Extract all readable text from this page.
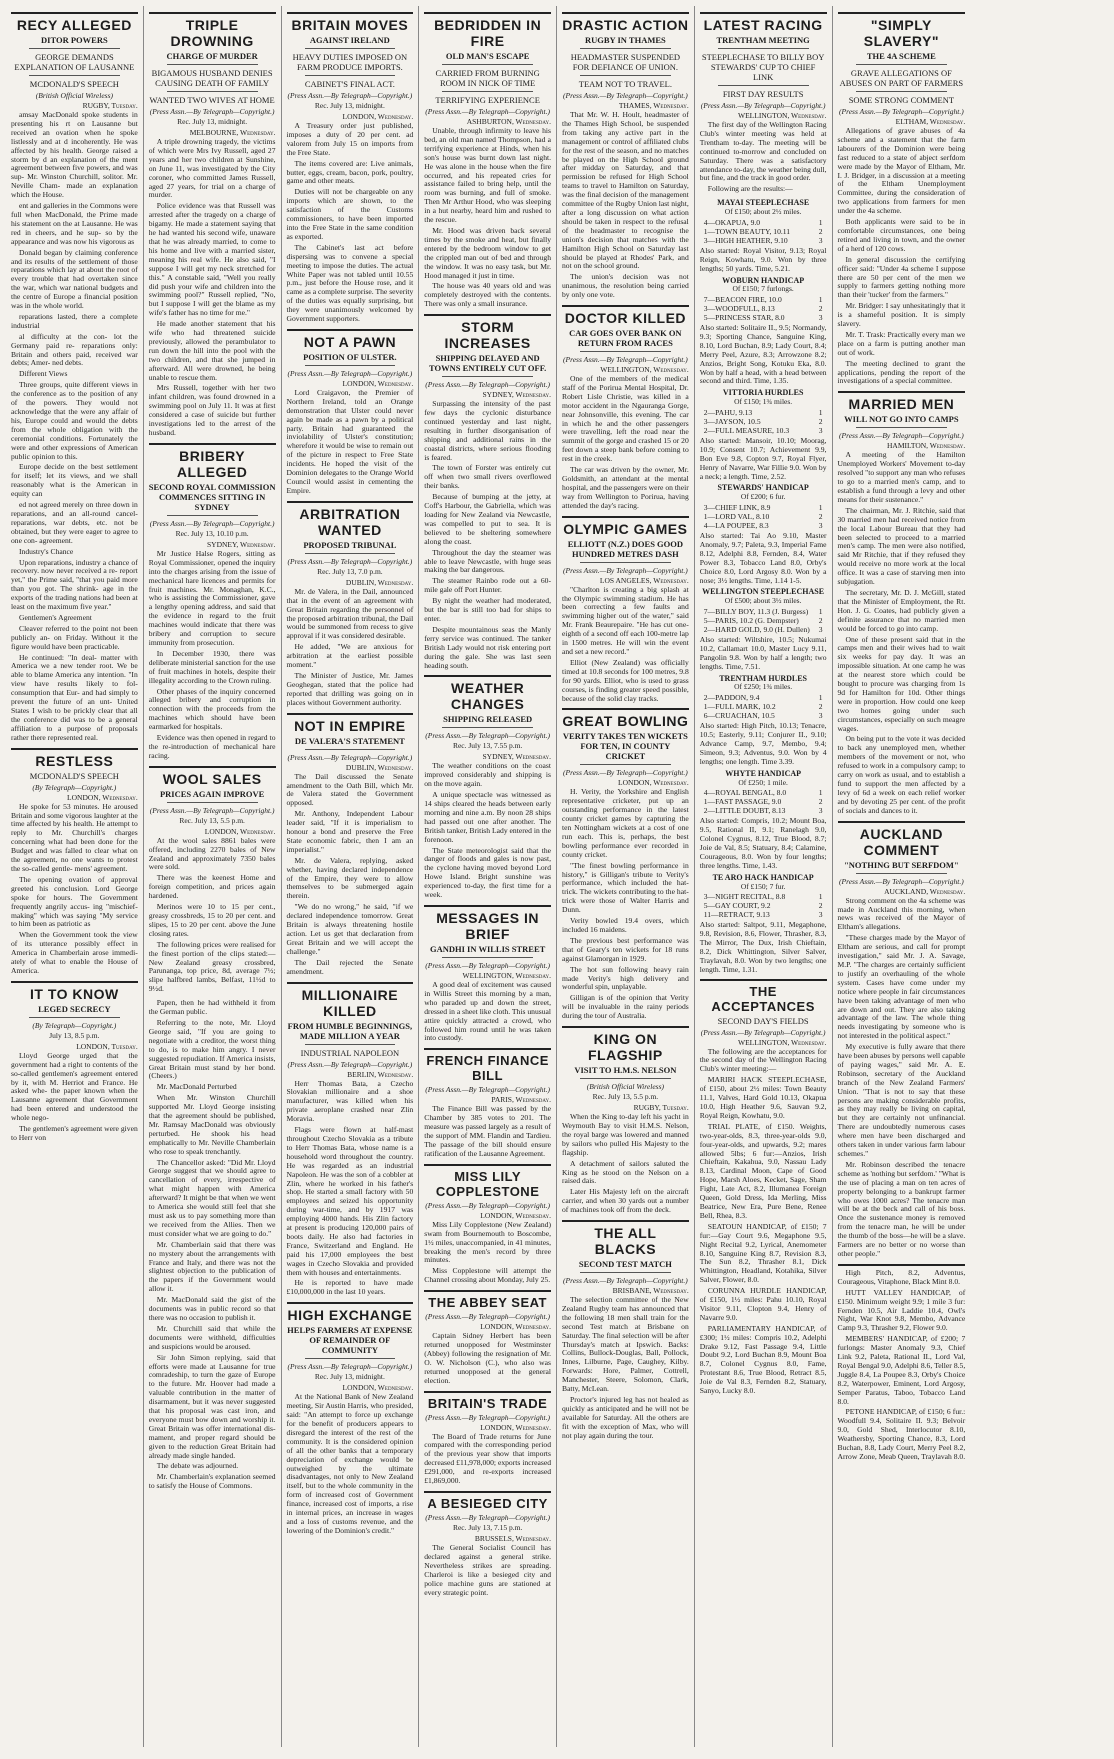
RECY ALLEGED
DITOR POWERS
GEORGE DEMANDS EXPLANATION OF LAUSANNE
MCDONALD'S SPEECH
(British Official Wireless)
RUGBY, Tuesday.

amsay MacDonald spoke students in presenting his rt on Lausanne but received an ovation when he spoke listlessly and at d incoherently. He was affected by his health. George raised a storm by d an explanation of the ment agreement between five powers, and was sup- Mr. Winston Churchill, solitor. Mr. Neville Cham- made an explanation which the House.

ent and galleries in the Commons were full when MacDonald, the Prime made his statement on the at Lausanne. He was red in cheers, and he sup- so by the appearance and was now his vigorous as

Donald began by claiming conference and its results of the settlement of those reparations which lay at about the root of every trouble that had overtaken since the war, which war national budgets and the centre of Europe a financial position was in the whole world.

reparations lasted, there a complete industrial

al difficulty at the con- lot the Germany paid re- reparations only: Britain and others paid, received war debts; Amer- ned debts.

Different Views

Three groups, quite different views in the conference as to the position of any of the powers. They would not acknowledge that the were any affair of his, Europe could and would the debts from the whole obligation with the ceremonial conditions. Fortunately the were and other expressions of American public opinion to this.

Europe decide on the best settlement for itself; let its views, and we shall reasonably what is the American in equity can

ed not agreed merely on three down in reparations, and an all-round cancel- reparations, war debts, etc. not be obtained, but they were eager to agree to one con- agreement.

Industry's Chance

Upon reparations, industry a chance of recovery. now never received a re- report yet," the Prime said, "that you paid more than you got. The shrink- age in the exports of the trading nations had been at least on the maximum five year."

Gentlemen's Agreement

Cleaver referred to the point not been publicly an- on Friday. Without it the figure would have been practicable.

He continued: "In deal- matter with America we a new tender root. We be able to blame America any intention. "In view have results likely to fol- consumption that Eur- and had simply to prevent the future of an unt- United States I wish to be prickly clear that all the conference did was to be a general affiliation to a purpose of proposals rather there represented real.

RESTLESS
MCDONALD'S SPEECH
(By Telegraph—Copyright.)
LONDON, Wednesday.

He spoke for 53 minutes. He aroused Britain and some vigorous laughter at the time affected by his health. He attempt to reply to Mr. Churchill's charges concerning what had been done for the Budget and was falled to clear what on the agreement, no one wants to protest the so-called gentle- mens' agreement.

The opening ovation of approval greeted his conclusion. Lord George spoke for hours. The Government frequently angrily accus- ing "mischief-making" which was saying "My service to him been as patriotic as

When the Government took the view of its utterance possibly effect in America in Chamberlain arose immedi- ately of what to enable the House of America.

IT TO KNOW
LEGED SECRECY
(By Telegraph—Copyright.)
July 13, 8.5 p.m.
LONDON, Tuesday.

Lloyd George urged that the government had a right to contents of the so-called gentlemen's agreement entered by it, with M. Herriot and France. He asked whe- the paper known when the Lausanne agreement that Government had been entered and understood the whole nego-

The gentlemen's agreement were given to Herr von

TRIPLE DROWNING
CHARGE OF MURDER
BIGAMOUS HUSBAND DENIES CAUSING DEATH OF FAMILY
WANTED TWO WIVES AT HOME
(Press Assn.—By Telegraph—Copyright.)
Rec. July 13, midnight.
MELBOURNE, Wednesday.

A triple drowning tragedy, the victims of which were Mrs Ivy Russell, aged 27 years and her two children at Sunshine, on June 11, was investigated by the City coroner, who committed James Russell, aged 27 years, for trial on a charge of murder.

Police evidence was that Russell was arrested after the tragedy on a charge of bigamy. He made a statement saying that he had wanted his second wife, unaware that he was already married, to come to his home and live with a married sister, meaning his real wife. He also said, "I suppose I will get my neck stretched for this." A constable said, "Well you really did push your wife and children into the swimming pool?" Russell replied, "No, but I suppose I will get the blame as my wife's father has no time for me."

He made another statement that his wife who had threatened suicide previously, allowed the perambulator to run down the hill into the pool with the two children, and that she jumped in afterward. All were drowned, he being unable to rescue them.

Mrs Russell, together with her two infant children, was found drowned in a swimming pool on July 11. It was at first considered a case of suicide but further investigations led to the arrest of the husband.

BRIBERY ALLEGED
SECOND ROYAL COMMISSION COMMENCES SITTING IN SYDNEY
(Press Assn.—By Telegraph—Copyright.)
Rec. July 13, 10.10 p.m.
SYDNEY, Wednesday.

Mr Justice Halse Rogers, sitting as Royal Commissioner, opened the inquiry into the charges arising from the issue of mechanical hare licences and permits for fruit machines. Mr. Monaghan, K.C., who is assisting the Commissioner, gave a lengthy opening address, and said that the evidence in regard to the fruit machines would indicate that there was bribery and corruption to secure immunity from prosecution.

In December 1930, there was deliberate ministerial sanction for the use of fruit machines in hotels, despite their illegality according to the Crown ruling.

Other phases of the inquiry concerned alleged bribery and corruption in connection with the proceeds from the machines which should have been earmarked for hospitals.

Evidence was then opened in regard to the re-introduction of mechanical hare racing.

WOOL SALES
PRICES AGAIN IMPROVE
(Press Assn.—By Telegraph—Copyright.)
Rec. July 13, 5.5 p.m.
LONDON, Wednesday.

At the wool sales 8861 bales were offered, including 2270 bales of New Zealand and approximately 7350 bales were sold.

There was the keenest Home and foreign competition, and prices again hardened.

Merinos were 10 to 15 per cent., greasy crossbreds, 15 to 20 per cent. and slipes, 15 to 20 per cent. above the June closing rates.

The following prices were realised for the finest portion of the clips stated:—New Zealand greasy crossbred, Parunanga, top price, 8d, average 7½; slipe halfbred lambs, Belfast, 11½d to 9½d.

Papen, then he had withheld it from the German public.

Referring to the note, Mr. Lloyd George said, "If you are going to negotiate with a creditor, the worst thing to do, is to make him angry. I never suggested repudiation. If America insists, Great Britain must stand by her bond. (Cheers.)

Mr. MacDonald Perturbed

When Mr. Winston Churchill supported Mr. Lloyd George insisting that the agreement should be published, Mr. Ramsay MacDonald was obviously perturbed. He shook his head emphatically to Mr. Neville Chamberlain who rose to speak trenchantly.

The Chancellor asked: "Did Mr. Lloyd George suggest that we should agree to cancellation of every, irrespective of what might happen with America afterward? It might be that when we went to America she would still feel that she must ask us to pay something more than we received from the Allies. Then we must consider what we are going to do."

Mr. Chamberlain said that there was no mystery about the arrangements with France and Italy, and there was not the slightest objection to the publication of the papers if the Government would allow it.

Mr. MacDonald said the gist of the documents was in public record so that there was no occasion to publish it.

Mr. Churchill said that while the documents were withheld, difficulties and suspicions would be aroused.

Sir John Simon replying, said that efforts were made at Lausanne for true comradeship, to turn the gaze of Europe to the future. Mr. Hoover had made a valuable contribution in the matter of disarmament, but it was never suggested that his proposal was cast iron, and everyone must bow down and worship it. Great Britain was offer international dis- mament, and proper regard should be given to the reduction Great Britain had already made single handed.

The debate was adjourned.

Mr. Chamberlain's explanation seemed to satisfy the House of Commons.

BRITAIN MOVES
AGAINST IRELAND
HEAVY DUTIES IMPOSED ON FARM PRODUCE IMPORTS.
CABINET'S FINAL ACT.
(Press Assn.—By Telegraph—Copyright.)
Rec. July 13, midnight.
LONDON, Wednesday.

A Treasury order just published, imposes a duty of 20 per cent. ad valorem from July 15 on imports from the Free State.

The items covered are: Live animals, butter, eggs, cream, bacon, pork, poultry, game and other meats.

Duties will not be chargeable on any imports which are shown, to the satisfaction of the Customs commissioners, to have been imported into the Free State in the same condition as exported.

The Cabinet's last act before dispersing was to convene a special meeting to impose the duties. The actual White Paper was not tabled until 10.55 p.m., just before the House rose, and it came as a complete surprise. The severity of the duties was equally surprising, but they were unanimously welcomed by Government supporters.

NOT A PAWN
POSITION OF ULSTER.
(Press Assn.—By Telegraph—Copyright.)
LONDON, Wednesday.

Lord Craigavon, the Premier of Northern Ireland, told an Orange demonstration that Ulster could never again be made as a pawn by a political party. Britain had guaranteed the inviolability of Ulster's constitution; wherefore it would be wise to remain out of the picture in respect to Free State incidents. He hoped the visit of the Dominion delegates to the Orange World Council would assist in cementing the Empire.

ARBITRATION WANTED
PROPOSED TRIBUNAL
(Press Assn.—By Telegraph—Copyright.)
Rec. July 13, 7.0 p.m.
DUBLIN, Wednesday.

Mr. de Valera, in the Dail, announced that in the event of an agreement with Great Britain regarding the personnel of the proposed arbitration tribunal, the Dail would be summoned from recess to give approval if it was considered desirable.

He added, "We are anxious for arbitration at the earliest possible moment."

The Minister of Justice, Mr. James Geoghegan, stated that the police had reported that drilling was going on in places without Government authority.

NOT IN EMPIRE
DE VALERA'S STATEMENT
(Press Assn.—By Telegraph—Copyright.)
DUBLIN, Wednesday.

The Dail discussed the Senate amendment to the Oath Bill, which Mr. de Valera stated the Government opposed.

Mr. Anthony, Independent Labour leader said, "If it is imperialism to honour a bond and preserve the Free State economic fabric, then I am an imperialist."

Mr. de Valera, replying, asked whether, having declared independence of the Empire, they were to allow themselves to be submerged again therein.

"We do no wrong," he said, "if we declared independence tomorrow. Great Britain is always threatening hostile action. Let us get that declaration from Great Britain and we will accept the challenge."

The Dail rejected the Senate amendment.

MILLIONAIRE KILLED
FROM HUMBLE BEGINNINGS, MADE MILLION A YEAR
INDUSTRIAL NAPOLEON
(Press Assn.—By Telegraph—Copyright.)
BERLIN, Wednesday.

Herr Thomas Bata, a Czecho Slovakian millionaire and a shoe manufacturer, was killed when his private aeroplane crashed near Zlin Moravia.

Flags were flown at half-mast throughout Czecho Slovakia as a tribute to Herr Thomas Bata, whose name is a household word throughout the country. He was regarded as an industrial Napoleon. He was the son of a cobbler at Zlin, where he worked in his father's shop. He started a small factory with 50 employees and seized his opportunity during war-time, and by 1917 was employing 4000 hands. His Zlin factory at present is producing 120,000 pairs of boots daily. He also had factories in France, Switzerland and England. He paid his 17,000 employees the best wages in Czecho Slovakia and provided them with houses and entertainments.

He is reported to have made £10,000,000 in the last 10 years.

HIGH EXCHANGE
HELPS FARMERS AT EXPENSE OF REMAINDER OF COMMUNITY
(Press Assn.—By Telegraph—Copyright.)
Rec. July 13, midnight.
LONDON, Wednesday.

At the National Bank of New Zealand meeting, Sir Austin Harris, who presided, said: "An attempt to force up exchange for the benefit of producers appears to disregard the interest of the rest of the community. It is the considered opinion of all the other banks that a temporary depreciation of exchange would be outweighed by the ultimate disadvantages, not only to New Zealand itself, but to the whole community in the form of increased cost of Government finance, increased cost of imports, a rise in internal prices, an increase in wages and a loss of customs revenue, and the lowering of the Dominion's credit."

BEDRIDDEN IN FIRE
OLD MAN'S ESCAPE
CARRIED FROM BURNING ROOM IN NICK OF TIME
TERRIFYING EXPERIENCE
(Press Assn.—By Telegraph—Copyright.)
ASHBURTON, Wednesday.

Unable, through infirmity to leave his bed, an old man named Thompson, had a terrifying experience at Hinds, when his son's house was burnt down last night. He was alone in the house when the fire occurred, and his repeated cries for assistance failed to bring help, until the room was burning, and full of smoke. Then Mr Arthur Hood, who was sleeping in a hut nearby, heard him and rushed to the rescue.

Mr. Hood was driven back several times by the smoke and heat, but finally entered by the bedroom window to get the crippled man out of bed and through the window. It was no easy task, but Mr. Hood managed it just in time.

The house was 40 years old and was completely destroyed with the contents. There was only a small insurance.

STORM INCREASES
SHIPPING DELAYED AND TOWNS ENTIRELY CUT OFF.
(Press Assn.—By Telegraph—Copyright.)
SYDNEY, Wednesday.

Surpassing the intensity of the past few days the cyclonic disturbance continued yesterday and last night, resulting in further disorganisation of shipping and additional rains in the coastal districts, where serious flooding is feared.

The town of Forster was entirely cut off when two small rivers overflowed their banks.

Because of bumping at the jetty, at Coff's Harbour, the Gabriella, which was loading for New Zealand via Newcastle, was compelled to put to sea. It is believed to be sheltering somewhere along the coast.

Throughout the day the steamer was able to leave Newcastle, with huge seas making the bar dangerous.

The steamer Rainbo rode out a 60-mile gale off Port Hunter.

By night the weather had moderated, but the bar is still too bad for ships to enter.

Despite mountainous seas the Manly ferry service was continued. The tanker British Lady would not risk entering port during the gale. She was last seen heading south.

WEATHER CHANGES
SHIPPING RELEASED
(Press Assn.—By Telegraph—Copyright.)
Rec. July 13, 7.55 p.m.
SYDNEY, Wednesday.

The weather conditions on the coast improved considerably and shipping is on the move again.

A unique spectacle was witnessed as 14 ships cleared the heads between early morning and nine a.m. By noon 28 ships had passed out one after another. The British tanker, British Lady entered in the forenoon.

The State meteorologist said that the danger of floods and gales is now past, the cyclone having moved beyond Lord Howe Island. Bright sunshine was experienced to-day, the first time for a week.

MESSAGES IN BRIEF
GANDHI IN WILLIS STREET
(Press Assn.—By Telegraph—Copyright.)
WELLINGTON, Wednesday.

A good deal of excitement was caused in Willis Street this morning by a man, who paraded up and down the street, dressed in a sheet like cloth. This unusual attire quickly attracted a crowd, who followed him round until he was taken into custody.

FRENCH FINANCE BILL
(Press Assn.—By Telegraph—Copyright.)
PARIS, Wednesday.

The Finance Bill was passed by the Chamber by 385 votes to 201. The measure was passed largely as a result of the support of MM. Flandin and Tardieu. The passage of the bill should ensure ratification of the Lausanne Agreement.

MISS LILY COPPLESTONE
(Press Assn.—By Telegraph—Copyright.)
LONDON, Wednesday.

Miss Lily Copplestone (New Zealand) swam from Bournemouth to Boscombe, 1½ miles, unaccompanied, in 41 minutes, breaking the men's record by three minutes.

Miss Copplestone will attempt the Channel crossing about Monday, July 25.

THE ABBEY SEAT
(Press Assn.—By Telegraph—Copyright.)
LONDON, Wednesday.

Captain Sidney Herbert has been returned unopposed for Westminster (Abbey) following the resignation of Mr. O. W. Nicholson (C.), who also was returned unopposed at the general election.

BRITAIN'S TRADE
(Press Assn.—By Telegraph—Copyright.)
LONDON, Wednesday.

The Board of Trade returns for June compared with the corresponding period of the previous year show that imports decreased £11,978,000; exports increased £291,000, and re-exports increased £1,869,000.

A BESIEGED CITY
(Press Assn.—By Telegraph—Copyright.)
Rec. July 13, 7.15 p.m.
BRUSSELS, Wednesday.

The General Socialist Council has declared against a general strike. Nevertheless strikes are spreading. Charleroi is like a besieged city and police machine guns are stationed at every strategic point.

DRASTIC ACTION
RUGBY IN THAMES
HEADMASTER SUSPENDED FOR DEFIANCE OF UNION.
TEAM NOT TO TRAVEL.
(Press Assn.—By Telegraph—Copyright.)
THAMES, Wednesday.

That Mr. W. H. Hoult, headmaster of the Thames High School, be suspended from taking any active part in the management or control of affiliated clubs for the rest of the season, and no matches be played on the High School ground after midday on Saturday, and that permission be refused for High School teams to travel to Hamilton on Saturday, was the final decision of the management committee of the Rugby Union last night, after a long discussion on what action should be taken in respect to the refusal of the headmaster to recognise the union's decision that matches with the Hamilton High School on Saturday last should be played at Rhodes' Park, and not on the school ground.

The union's decision was not unanimous, the resolution being carried by only one vote.

DOCTOR KILLED
CAR GOES OVER BANK ON RETURN FROM RACES
(Press Assn.—By Telegraph—Copyright.)
WELLINGTON, Wednesday.

One of the members of the medical staff of the Porirua Mental Hospital, Dr. Robert Lisle Christie, was killed in a motor accident in the Ngauranga Gorge, near Johnsonville, this evening. The car in which he and the other passengers were travelling, left the road near the summit of the gorge and crashed 15 or 20 feet down a steep bank before coming to rest in the creek.

The car was driven by the owner, Mr. Goldsmith, an attendant at the mental hospital, and the passengers were on their way from Wellington to Porirua, having attended the day's racing.

OLYMPIC GAMES
ELLIOTT (N.Z.) DOES GOOD HUNDRED METRES DASH
(Press Assn.—By Telegraph—Copyright.)
LOS ANGELES, Wednesday.

"Charlton is creating a big splash at the Olympic swimming stadium. He has been correcting a few faults and swimming higher out of the water," said Mr. Frank Beaurepaire. "He has cut one-eighth of a second off each 100-metre lap in 1500 metres. He will win the event and set a new record."

Elliot (New Zealand) was officially timed at 10.8 seconds for 100 metres, 9.8 for 90 yards. Elliot, who is used to grass courses, is finding greater speed possible, because of the solid clay tracks.

GREAT BOWLING
VERITY TAKES TEN WICKETS FOR TEN, IN COUNTY CRICKET
(Press Assn.—By Telegraph—Copyright.)
LONDON, Wednesday.

H. Verity, the Yorkshire and English representative cricketer, put up an outstanding performance in the latest county cricket games by capturing the ten Nottingham wickets at a cost of one run each. This is, perhaps, the best bowling performance ever recorded in county cricket.

"The finest bowling performance in history," is Gilligan's tribute to Verity's performance, which included the hat-trick. The wickets contributing to the hat-trick were those of Walter Harris and Dunn.

Verity bowled 19.4 overs, which included 16 maidens.

The previous best performance was that of Geary's ten wickets for 18 runs against Glamorgan in 1929.

The hot sun following heavy rain made Verity's high delivery and wonderful spin, unplayable.

Gilligan is of the opinion that Verity will be invaluable in the rainy periods during the tour of Australia.

KING ON FLAGSHIP
VISIT TO H.M.S. NELSON
(British Official Wireless)
Rec. July 13, 5.5 p.m.
RUGBY, Tuesday.

When the King to-day left his yacht in Weymouth Bay to visit H.M.S. Nelson, the royal barge was lowered and manned by sailors who pulled His Majesty to the flagship.

A detachment of sailors saluted the King as he stood on the Nelson on a raised dais.

Later His Majesty left on the aircraft carrier, and when 30 yards out a number of machines took off from the deck.

THE ALL BLACKS
SECOND TEST MATCH
(Press Assn.—By Telegraph—Copyright.)
BRISBANE, Wednesday.

The selection committee of the New Zealand Rugby team has announced that the following 18 men shall train for the second Test match at Brisbane on Saturday. The final selection will be after Thursday's match at Ipswich. Backs: Collins, Bullock-Douglas, Ball, Pollock, Innes, Lilburne, Page, Caughey, Kilby. Forwards: Hore, Palmer, Cottrell, Manchester, Steere, Solomon, Clark, Batty, McLean.

Proctor's injured leg has not healed as quickly as anticipated and he will not be available for Saturday. All the others are fit with the exception of Max, who will not play again during the tour.

LATEST RACING
TRENTHAM MEETING
STEEPLECHASE TO BILLY BOY STEWARDS' CUP TO CHIEF LINK
FIRST DAY RESULTS
(Press Assn.—By Telegraph—Copyright.)
WELLINGTON, Wednesday.

The first day of the Wellington Racing Club's winter meeting was held at Trentham to-day. The meeting will be continued to-morrow and concluded on Saturday. There was a satisfactory attendance to-day, the weather being dull, but fine, and the track in good order.

Following are the results:—

MAYAI STEEPLECHASE
Of £150; about 2½ miles.
4—OKAPUA, 9.0	1
1—TOWN BEAUTY, 10.11	2
3—HIGH HEATHER, 9.10	3
Also started: Royal Visitor, 9.13; Royal Reign, Kowhatu, 9.0. Won by three lengths; 50 yards. Time, 5.21.
WOBURN HANDICAP
Of £150; 7 furlongs.
7—BEACON FIRE, 10.0	1
3—WOODFULL, 8.13	2
5—PRINCESS STAR, 8.0	3
Also started: Solitaire II., 9.5; Normandy, 9.3; Sporting Chance, Sanguine King, 8.10, Lord Buchan, 8.9; Lady Court, 8.4; Merry Peel, Azure, 8.3; Arrowzone 8.2; Anzios, Bright Song, Kotuku Eka, 8.0. Won by half a head, with a head between second and third. Time, 1.35.
VITTORIA HURDLES
Of £150; 1¾ miles.
2—PAHU, 9.13	1
3—JAYSON, 10.5	2
2—FULL MEASURE, 10.3	3
Also started: Mansoir, 10.10; Moorag, 10.9; Consent 10.7; Achievement 9.9, Bon Eve 9.8, Copton 9.7, Royal Flyer, Henry of Navarre, War Fillie 9.0. Won by a neck; a length. Time, 2.52.
STEWARDS' HANDICAP
Of £200; 6 fur.
3—CHIEF LINK, 8.9	1
1—LORD VAL, 8.10	2
4—LA POUPEE, 8.3	3
Also started: Tai Ao 9.10, Master Anomaly, 9.7; Paleta, 9.3, Imperial Fame 8.12, Adelphi 8.8, Fernden, 8.4, Water Power 8.3, Tobacco Land 8.0, Orby's Choice 8.0, Lord Argosy 8.0. Won by a nose; 3½ lengths. Time, 1.14 1-5.
WELLINGTON STEEPLECHASE
Of £500; about 3½ miles.
7—BILLY BOY, 11.3 (J. Burgess) 1
5—PARIS, 10.2 (G. Dempster)	2
2—HARD GOLD, 9.0 (H. Dullen) 3
Also started: Wiltshire, 10.5; Nukumai 10.2, Callamart 10.0, Master Lucy 9.11, Pangolin 9.8. Won by half a length; two lengths. Time, 7.51.
TRENTHAM HURDLES
Of £250; 1¾ miles.
2—PADDON, 9.4	1
1—FULL MARK, 10.2	2
6—CRUACHAN, 10.5	3
Also started: High Pitch, 10.13; Tenacre, 10.5; Easterly, 9.11; Conjurer II., 9.10; Advance Camp, 9.7, Membo, 9.4; Simeon, 9.3; Adventus, 9.0. Won by 4 lengths; one length. Time 3.39.
WHYTE HANDICAP
Of £250; 1 mile.
4—ROYAL BENGAL, 8.0	1
1—FAST PASSAGE, 9.0	2
2—LITTLE DOUBT, 8.13	3
Also started: Compris, 10.2; Mount Boa, 9.5, Rational II, 9.1; Ranelagh 9.0, Colonel Cygnus, 8.12, True Blood, 8.7; Joie de Val, 8.5; Statuary, 8.4; Calamine, Courageous, 8.0. Won by four lengths; three lengths. Time, 1.43.
TE ARO HACK HANDICAP
Of £150; 7 fur.
3—NIGHT RECITAL, 8.8	1
5—GAY COURT, 9.2	2
11—RETRACT, 9.13	3
Also started: Saltpot, 9.11, Megaphone, 9.8, Revision, 8.6, Flower, Thrasher, 8.3, The Mirror, The Dux, Irish Chieftain, 8.2, Dick Whittington, Silver Salver, Traylavah, 8.0. Won by two lengths; one length. Time, 1.31.
THE ACCEPTANCES
SECOND DAY'S FIELDS
(Press Assn.—By Telegraph—Copyright.)
WELLINGTON, Wednesday.

The following are the acceptances for the second day of the Wellington Racing Club's winter meeting:—

MARIRI HACK STEEPLECHASE, of £150, about 2½ miles: Town Beauty 11.1, Valves, Hard Gold 10.13, Okapua 10.0, High Heather 9.6, Sauvan 9.2, Royal Reign, Kowhatu, 9.0.

TRIAL PLATE, of £150. Weights, two-year-olds, 8.3, three-year-olds 9.0, four-year-olds, and upwards, 9.2; mares allowed 5lbs; 6 fur:—Anzios, Irish Chieftain, Kakahua, 9.0, Nassau Lady 8.13, Cardinal Moon, Cape of Good Hope, Marsh Aloes, Kecket, Sage, Sham Fight, Late Act, 8.2, Illumanea Foreign Queen, Gold Dress, Ida Merling, Miss Beatrice, New Era, Pure Bene, Renee Bell, Rhea, 8.3.

SEATOUN HANDICAP, of £150; 7 fur:—Gay Court 9.6, Megaphone 9.5, Night Recital 9.2, Lyrical, Anemometer 8.10, Sanguine King 8.7, Revision 8.3, The Sun 8.2, Thrasher 8.1, Dick Whittington, Headland, Kotahika, Silver Salver, Flower, 8.0.

CORUNNA HURDLE HANDICAP, of £150, 1½ miles: Pahu 10.10, Royal Visitor 9.11, Clopton 9.4, Henry of Navarre 9.0.

PARLIAMENTARY HANDICAP, of £300; 1½ miles: Compris 10.2, Adelphi Drake 9.12, Fast Passage 9.4, Little Doubt 9.2, Lord Buchan 8.9, Mount Boa 8.7, Colonel Cygnus 8.0, Fame, Protestant 8.6, True Blood, Retract 8.5, Joie de Val 8.3, Fernden 8.2, Statuary, Sanyo, Lucky 8.0.

"SIMPLY SLAVERY"
THE 4A SCHEME
GRAVE ALLEGATIONS OF ABUSES ON PART OF FARMERS
SOME STRONG COMMENT
(Press Assn.—By Telegraph—Copyright.)
ELTHAM, Wednesday.

Allegations of grave abuses of 4a scheme and a statement that the farm labourers of the Dominion were being fast reduced to a state of abject serfdom were made by the Mayor of Eltham, Mr. I. J. Bridger, in a discussion at a meeting of the Eltham Unemployment Committee, during the consideration of two applications from farmers for men under the 4a scheme.

Both applicants were said to be in comfortable circumstances, one being retired and living in town, and the owner of a herd of 120 cows.

In general discussion the certifying officer said: "Under 4a scheme I suppose there are 50 per cent of the men we supply to farmers getting nothing more than their 'tucker' from the farmers."

Mr. Bridger: I say unhesitatingly that it is a shameful position. It is simply slavery.

Mr. T. Trask: Practically every man we place on a farm is putting another man out of work.

The meeting declined to grant the applications, pending the report of the investigations of a special committee.

MARRIED MEN
WILL NOT GO INTO CAMPS
(Press Assn.—By Telegraph—Copyright.)
HAMILTON, Wednesday.

A meeting of the Hamilton Unemployed Workers' Movement to-day resolved "to support any man who refuses to go to a married men's camp, and to establish a fund through a levy and other means for their sustenance."

The chairman, Mr. J. Ritchie, said that 30 married men had received notice from the local Labour Bureau that they had been selected to proceed to a married men's camp. The men were also notified, said Mr Ritchie, that if they refused they would receive no more work at the local office. It was a case of starving men into subjugation.

The secretary, Mr. D. J. McGill, stated that the Minister of Employment, the Rt. Hon. J. G. Coates, had publicly given a definite assurance that no married men would be forced to go into camp.

One of these present said that in the camps men and their wives had to wait six weeks for pay day. It was an impossible situation. At one camp he was at the nearest store which could be bought to procure was charging from 1s 9d for Hamilton for 10d. Other things were in proportion. How could one keep two homes going under such circumstances, especially on such meagre wages.

On being put to the vote it was decided to back any unemployed men, whether members of the movement or not, who refused to work in a compulsory camp; to carry on work as usual, and to establish a fund to support the men affected by a levy of 6d a week on each relief worker and by devoting 25 per cent. of the profit of socials and dances to it.

AUCKLAND COMMENT
"NOTHING BUT SERFDOM"
(Press Assn.—By Telegraph—Copyright.)
AUCKLAND, Wednesday.

Strong comment on the 4a scheme was made in Auckland this morning, when news was received of the Mayor of Eltham's allegations.

"These charges made by the Mayor of Eltham are serious, and call for prompt investigation," said Mr. J. A. Savage, M.P. "The charges are certainly sufficient to justify an overhauling of the whole system. Cases have come under my notice where people in fair circumstances have been taking advantage of men who are down and out. They are also taking advantage of the law. The whole thing needs investigating by someone who is not interested in the political aspect."

My executive is fully aware that there have been abuses by persons well capable of paying wages," said Mr. A. E. Robinson, secretary of the Auckland branch of the New Zealand Farmers' Union. "That is not to say that these persons are making considerable profits, as they may really be living on capital, but they are certainly not unfinancial. There are undoubtedly numerous cases where men have been discharged and others taken in under various farm labour schemes."

Mr. Robinson described the tenacre scheme as 'nothing but serfdom.' "What is the use of placing a man on ten acres of property belonging to a bankrupt farmer who owes 1000 acres? The tenacre man will be at the beck and call of his boss. Once the sustenance money is removed from the tenacre man, he will be under the thumb of the boss—he will be a slave. Farmers are no better or no worse than other people."

High Pitch, 8.2, Adventus, Courageous, Vitaphone, Black Mint 8.0.

HUTT VALLEY HANDICAP, of £150. Minimum weight 9.9; 1 mile 3 fur: Fernden 10.5, Air Laddie 10.4, Owl's Night, War Knot 9.8, Membo, Advance Camp 9.3, Thrasher 9.2, Flower 9.0.

MEMBERS' HANDICAP, of £200; 7 furlongs: Master Anomaly 9.3, Chief Link 9.2, Paleta, Rational II., Lord Val, Royal Bengal 9.0, Adelphi 8.6, Teller 8.5, Juggle 8.4, La Poupee 8.3, Orby's Choice 8.2, Waterpower, Eminent, Lord Argosy, Semper Paratus, Taboo, Tobacco Land 8.0.

PETONE HANDICAP, of £150; 6 fur.: Woodfull 9.4, Solitaire II. 9.3; Belvoir 9.0, Gold Shed, Interlocutor 8.10, Weathersby, Sporting Chance, 8.3, Lord Buchan, 8.8, Lady Court, Merry Peel 8.2, Arrow Zone, Meab Queen, Traylavah 8.0.
